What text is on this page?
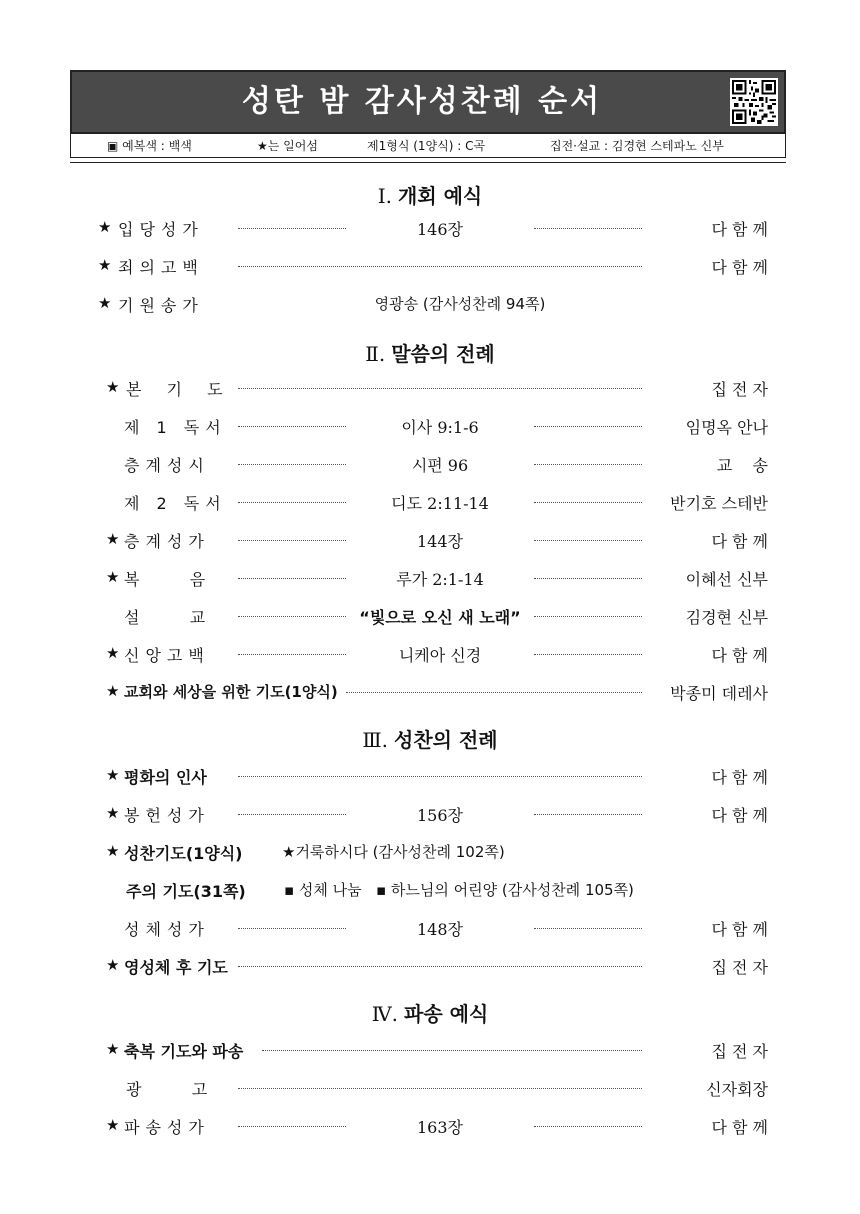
성탄 밤 감사성찬례 순서
▣ 예복색 : 백색	★는 일어섬	제1형식 (1양식) : C곡	집전·설교 : 김경현 스테파노 신부
Ⅰ. 개회 예식
★ 입당성가	146장	다 함 께
★ 죄의고백	다 함 께
★ 기원송가	영광송 (감사성찬례 94쪽)
Ⅱ. 말씀의 전례
★ 본 기 도	집 전 자
제 1 독서	이사 9:1-6	임명옥 안나
층계성시	시편 96	교    송
제 2 독서	디도 2:11-14	반기호 스테반
★ 층계성가	144장	다 함 께
★ 복    음	루가 2:1-14	이혜선 신부
설    교	“빛으로 오신 새 노래”	김경현 신부
★ 신앙고백	니케아 신경	다 함 께
★ 교회와 세상을 위한 기도(1양식)	박종미 데레사
Ⅲ. 성찬의 전례
★ 평화의 인사	다 함 께
★ 봉헌성가	156장	다 함 께
★ 성찬기도(1양식)	★거룩하시다 (감사성찬례 102쪽)
주의 기도(31쪽)	▪ 성체 나눔   ▪ 하느님의 어린양 (감사성찬례 105쪽)
성체성가	148장	다 함 께
★ 영성체 후 기도	집 전 자
Ⅳ. 파송 예식
★ 축복 기도와 파송	집 전 자
광    고	신자회장
★ 파송성가	163장	다 함 께
